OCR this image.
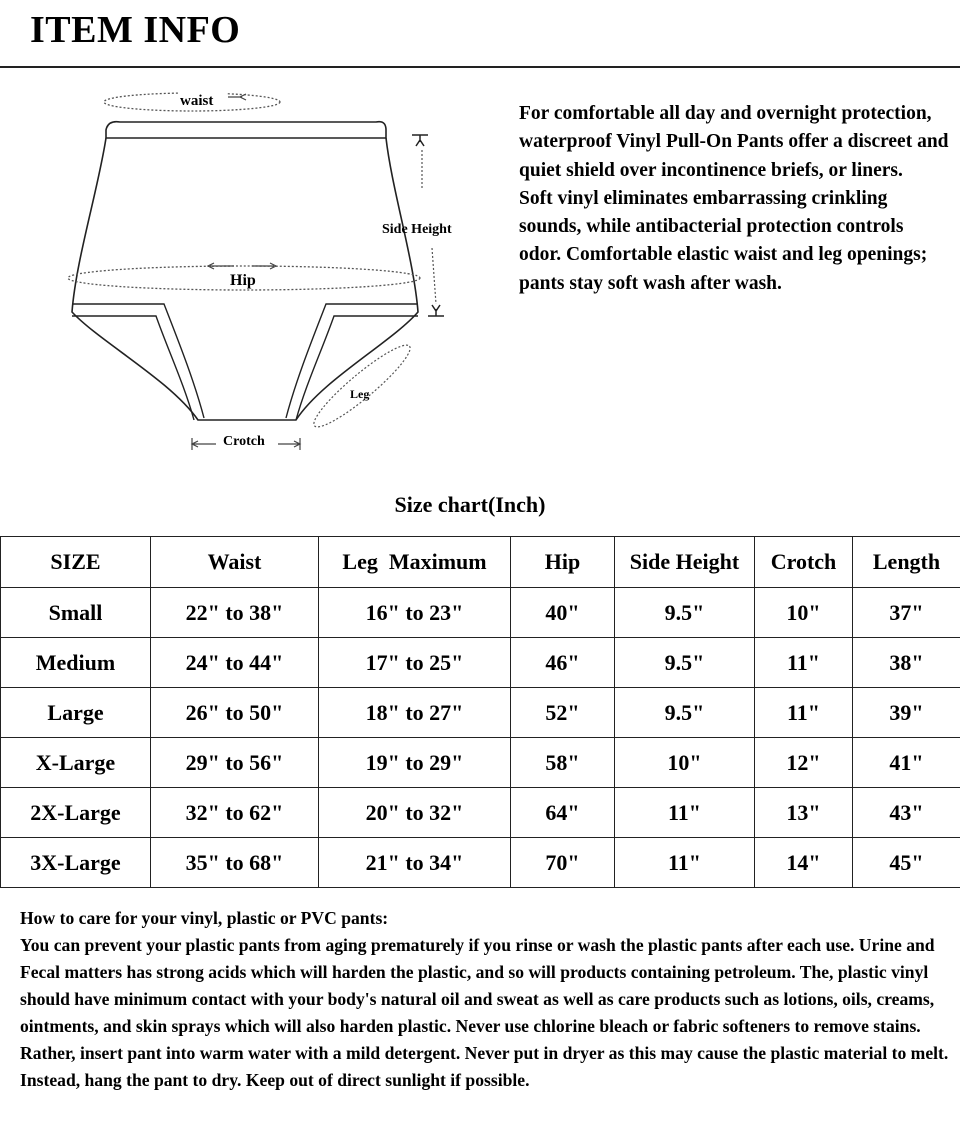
ITEM INFO
waist
Hip
Side Height
Leg
Crotch

For comfortable all day and overnight protection, waterproof Vinyl Pull-On Pants offer a discreet and quiet shield over incontinence briefs, or liners.

Soft vinyl eliminates embarrassing crinkling sounds, while antibacterial protection controls odor. Comfortable elastic waist and leg openings; pants stay soft wash after wash.

Size chart(Inch)
SIZE	Waist	Leg  Maximum	Hip	Side Height	Crotch	Length
Small	22" to 38"	16" to 23"	40"	9.5"	10"	37"
Medium	24" to 44"	17" to 25"	46"	9.5"	11"	38"
Large	26" to 50"	18" to 27"	52"	9.5"	11"	39"
X-Large	29" to 56"	19" to 29"	58"	10"	12"	41"
2X-Large	32" to 62"	20" to 32"	64"	11"	13"	43"
3X-Large	35" to 68"	21" to 34"	70"	11"	14"	45"

How to care for your vinyl, plastic or PVC pants:

You can prevent your plastic pants from aging prematurely if you rinse or wash the plastic pants after each use. Urine and Fecal matters has strong acids which will harden the plastic, and so will products containing petroleum. The, plastic vinyl should have minimum contact with your body's natural oil and sweat as well as care products such as lotions, oils, creams, ointments, and skin sprays which will also harden plastic. Never use chlorine bleach or fabric softeners to remove stains. Rather, insert pant into warm water with a mild detergent. Never put in dryer as this may cause the plastic material to melt. Instead, hang the pant to dry. Keep out of direct sunlight if possible.
